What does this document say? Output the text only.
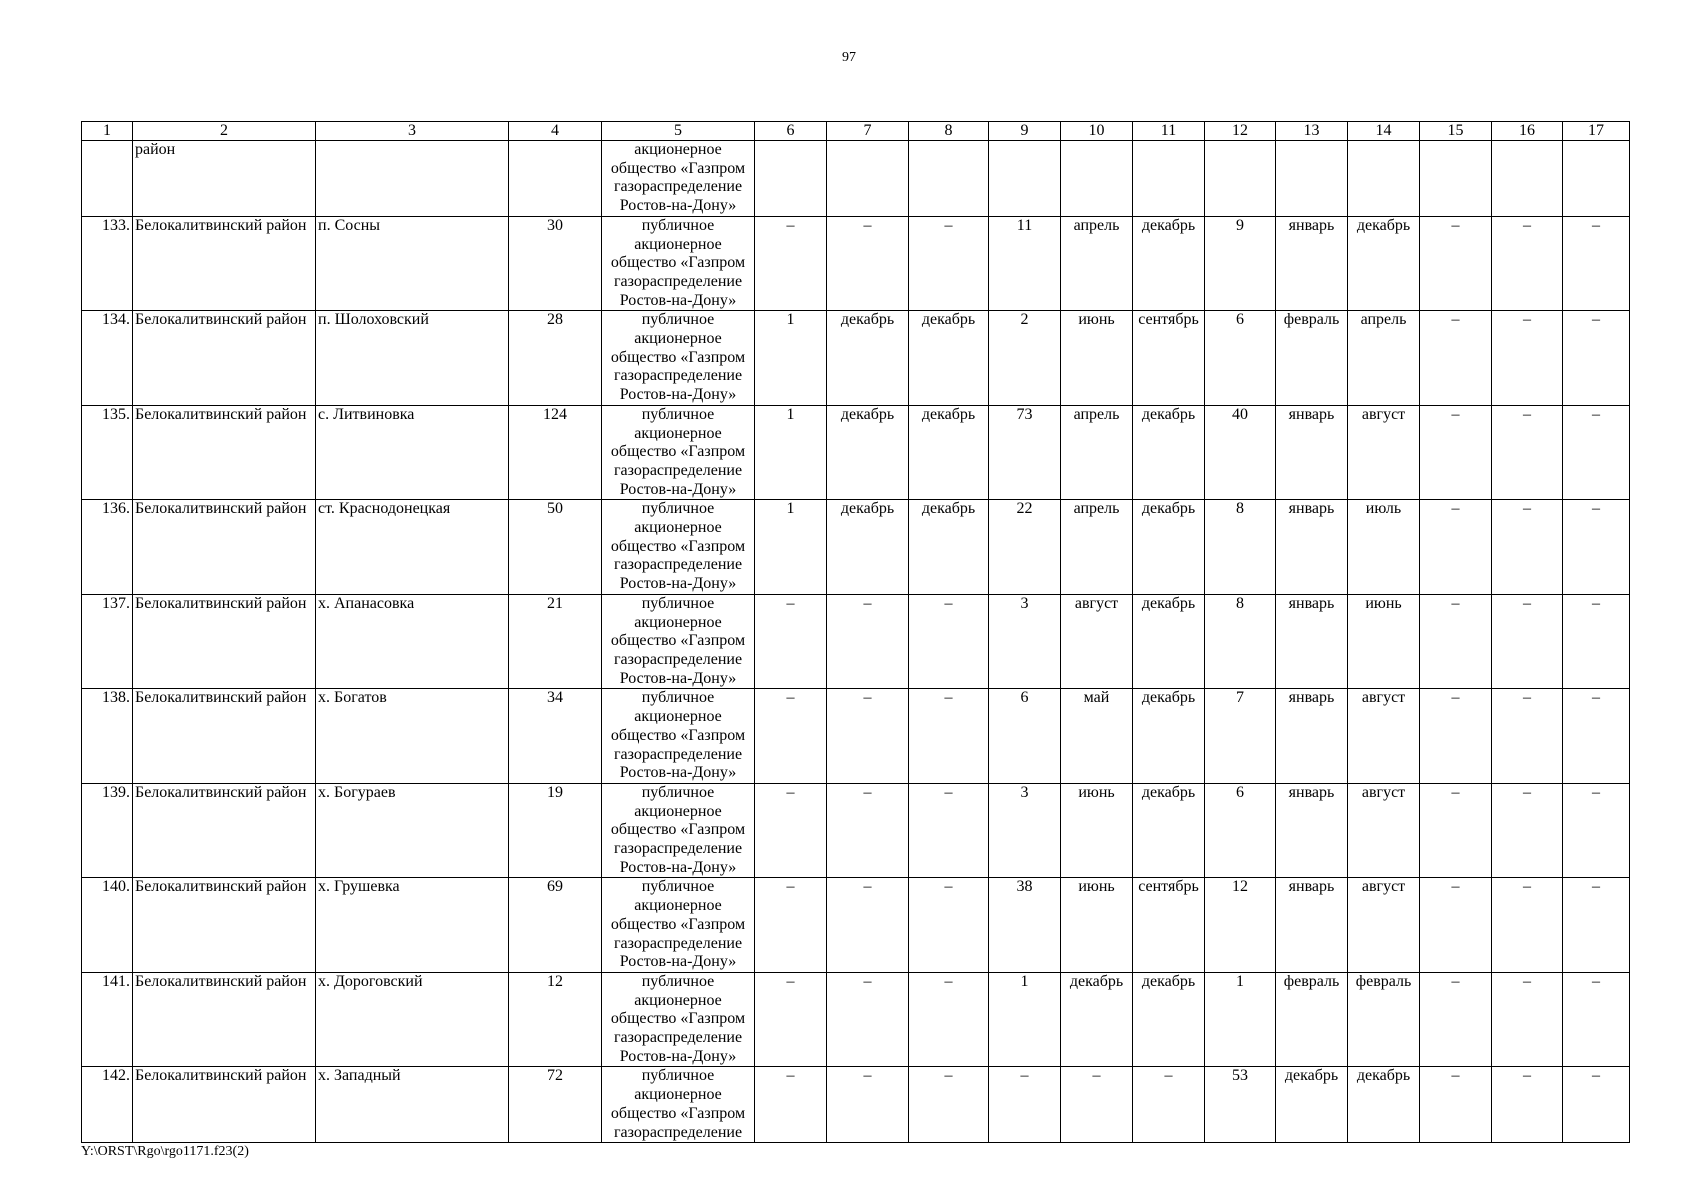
97
1	2	3	4	5	6	7	8	9	10	11	12	13	14	15	16	17
	район			акционерное общество «Газпром газораспределение Ростов-на-Дону»												
133.	Белокалитвинский район	п. Сосны	30	публичное акционерное общество «Газпром газораспределение Ростов-на-Дону»	–	–	–	11	апрель	декабрь	9	январь	декабрь	–	–	–
134.	Белокалитвинский район	п. Шолоховский	28	публичное акционерное общество «Газпром газораспределение Ростов-на-Дону»	1	декабрь	декабрь	2	июнь	сентябрь	6	февраль	апрель	–	–	–
135.	Белокалитвинский район	с. Литвиновка	124	публичное акционерное общество «Газпром газораспределение Ростов-на-Дону»	1	декабрь	декабрь	73	апрель	декабрь	40	январь	август	–	–	–
136.	Белокалитвинский район	ст. Краснодонецкая	50	публичное акционерное общество «Газпром газораспределение Ростов-на-Дону»	1	декабрь	декабрь	22	апрель	декабрь	8	январь	июль	–	–	–
137.	Белокалитвинский район	х. Апанасовка	21	публичное акционерное общество «Газпром газораспределение Ростов-на-Дону»	–	–	–	3	август	декабрь	8	январь	июнь	–	–	–
138.	Белокалитвинский район	х. Богатов	34	публичное акционерное общество «Газпром газораспределение Ростов-на-Дону»	–	–	–	6	май	декабрь	7	январь	август	–	–	–
139.	Белокалитвинский район	х. Богураев	19	публичное акционерное общество «Газпром газораспределение Ростов-на-Дону»	–	–	–	3	июнь	декабрь	6	январь	август	–	–	–
140.	Белокалитвинский район	х. Грушевка	69	публичное акционерное общество «Газпром газораспределение Ростов-на-Дону»	–	–	–	38	июнь	сентябрь	12	январь	август	–	–	–
141.	Белокалитвинский район	х. Дороговский	12	публичное акционерное общество «Газпром газораспределение Ростов-на-Дону»	–	–	–	1	декабрь	декабрь	1	февраль	февраль	–	–	–
142.	Белокалитвинский район	х. Западный	72	публичное акционерное общество «Газпром газораспределение	–	–	–	–	–	–	53	декабрь	декабрь	–	–	–
Y:\ORST\Rgo\rgo1171.f23(2)
